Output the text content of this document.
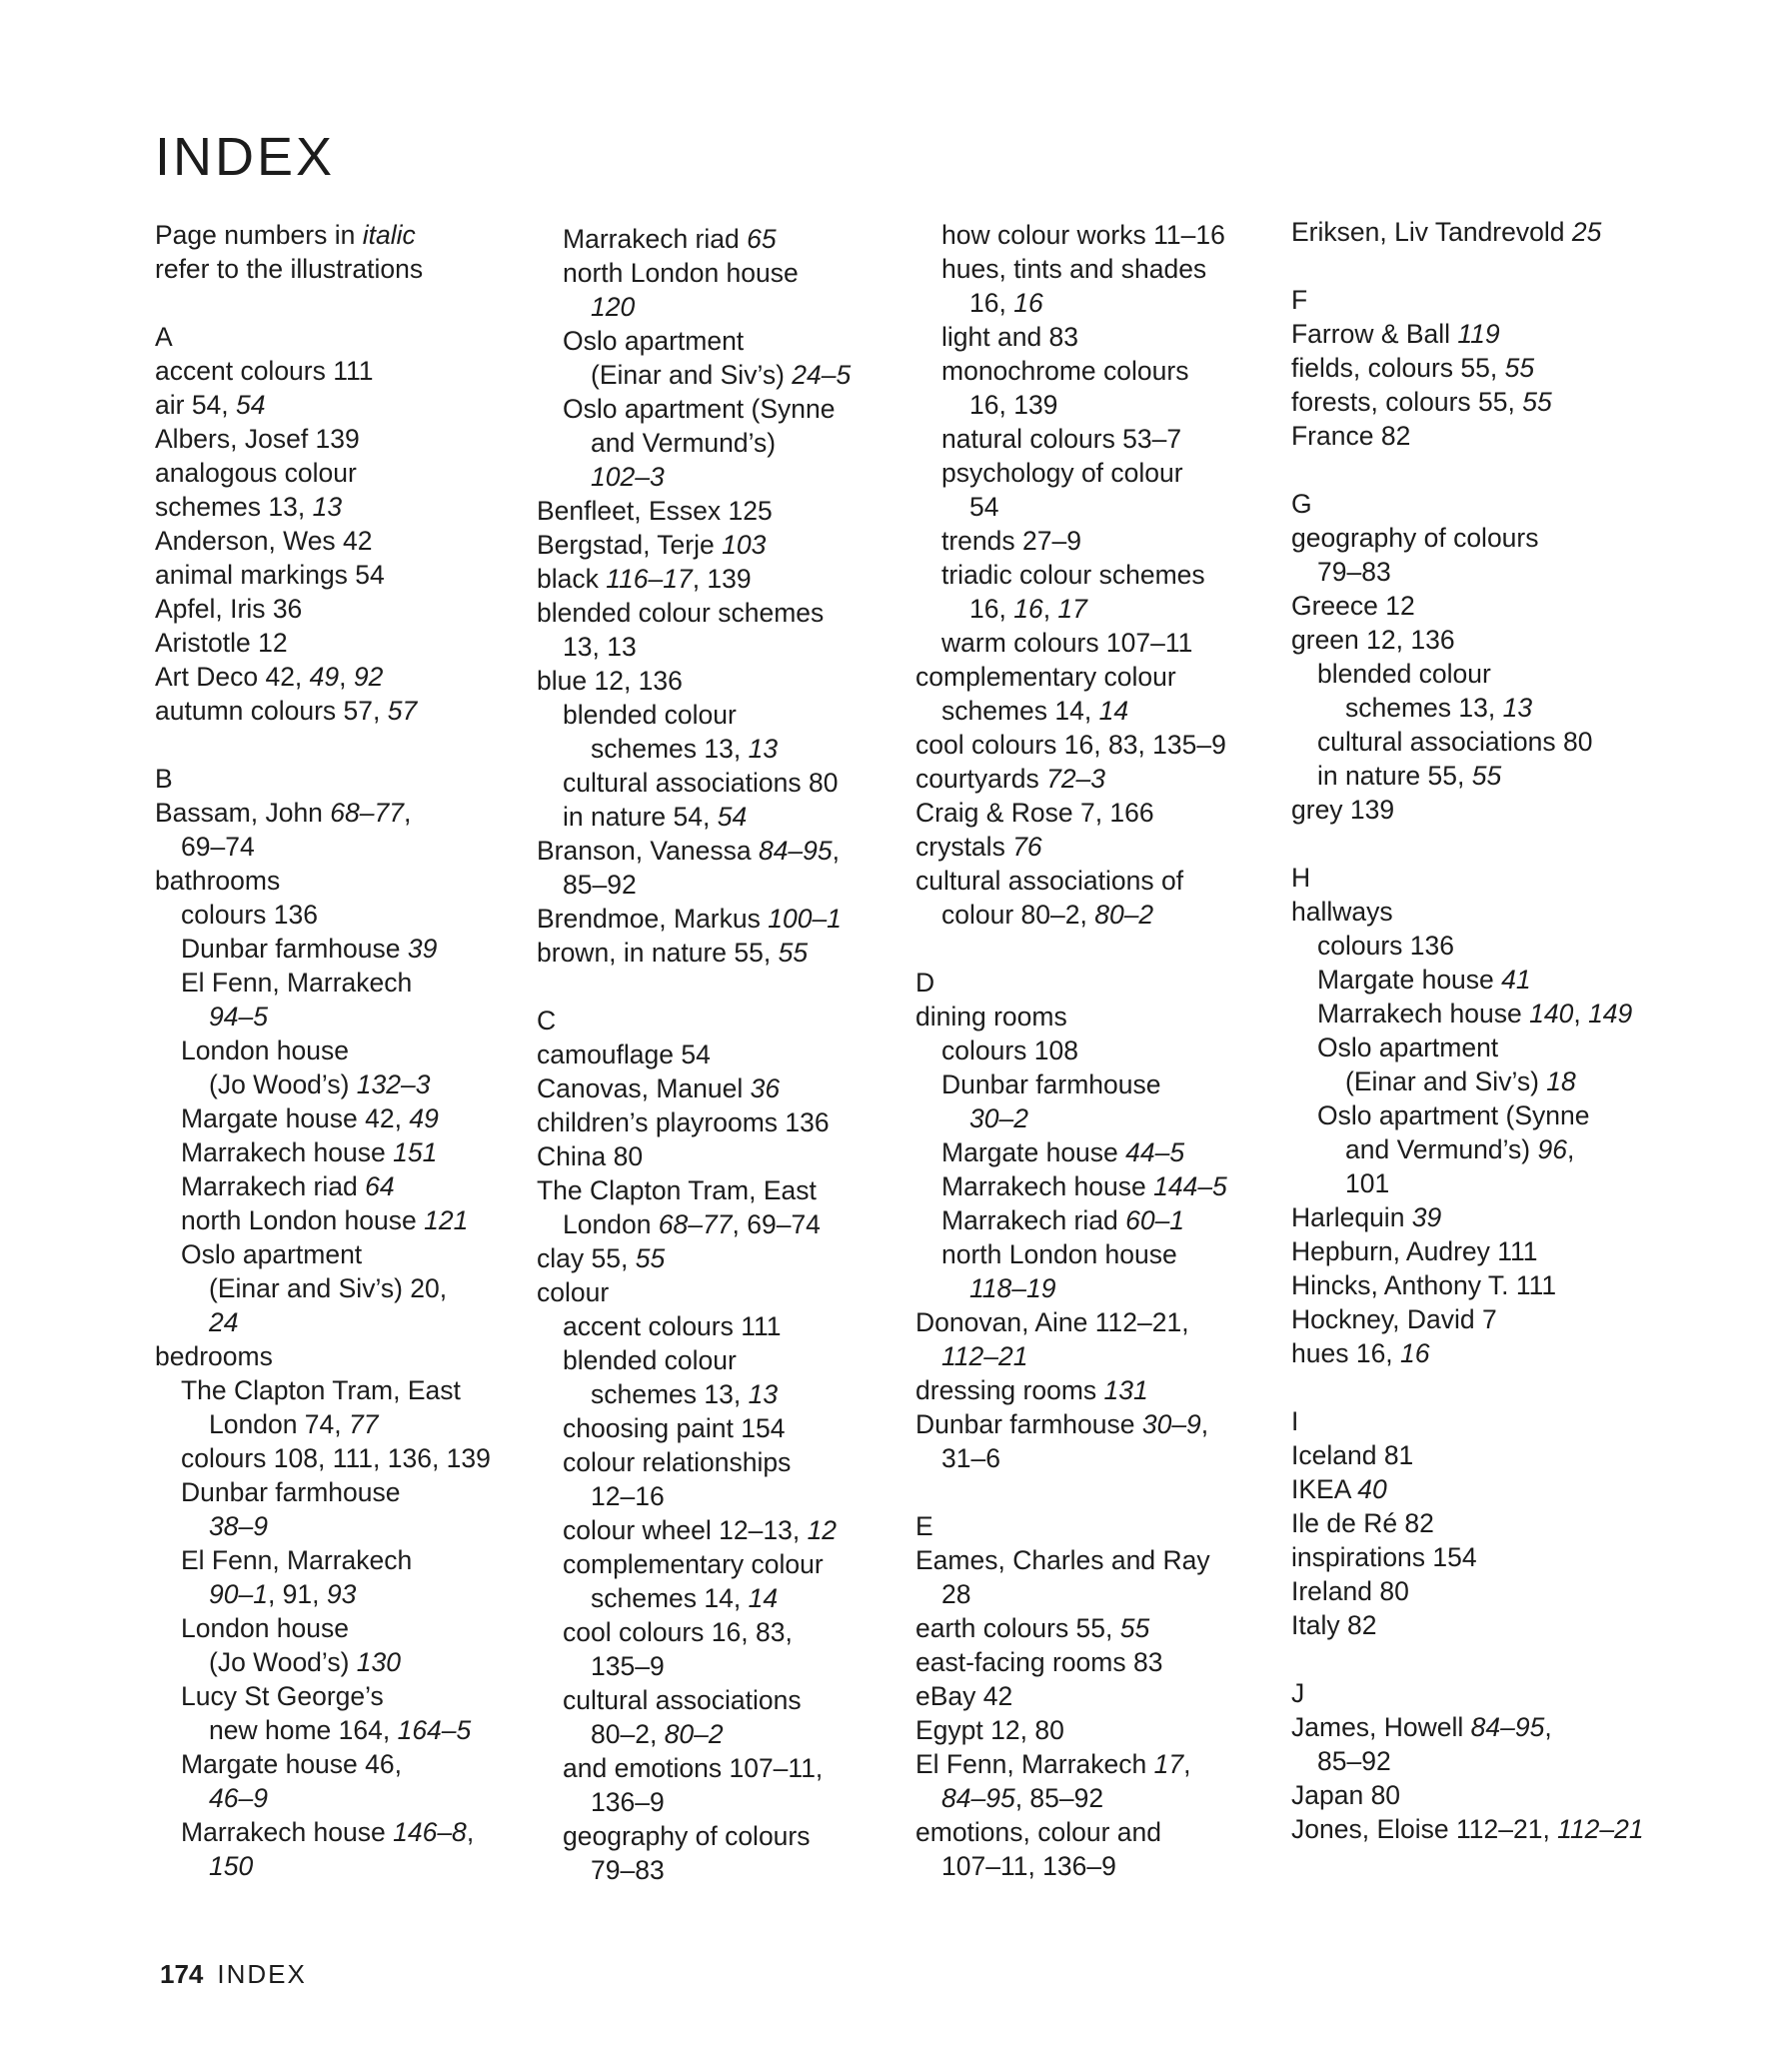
INDEX
Page numbers in italic
refer to the illustrations
A
accent colours 111
air 54, 54
Albers, Josef 139
analogous colour
schemes 13, 13
Anderson, Wes 42
animal markings 54
Apfel, Iris 36
Aristotle 12
Art Deco 42, 49, 92
autumn colours 57, 57
B
Bassam, John 68–77,
69–74
bathrooms
colours 136
Dunbar farmhouse 39
El Fenn, Marrakech
94–5
London house
(Jo Wood’s) 132–3
Margate house 42, 49
Marrakech house 151
Marrakech riad 64
north London house 121
Oslo apartment
(Einar and Siv’s) 20,
24
bedrooms
The Clapton Tram, East
London 74, 77
colours 108, 111, 136, 139
Dunbar farmhouse
38–9
El Fenn, Marrakech
90–1, 91, 93
London house
(Jo Wood’s) 130
Lucy St George’s
new home 164, 164–5
Margate house 46,
46–9
Marrakech house 146–8,
150
Marrakech riad 65
north London house
120
Oslo apartment
(Einar and Siv’s) 24–5
Oslo apartment (Synne
and Vermund’s)
102–3
Benfleet, Essex 125
Bergstad, Terje 103
black 116–17, 139
blended colour schemes
13, 13
blue 12, 136
blended colour
schemes 13, 13
cultural associations 80
in nature 54, 54
Branson, Vanessa 84–95,
85–92
Brendmoe, Markus 100–1
brown, in nature 55, 55
C
camouflage 54
Canovas, Manuel 36
children’s playrooms 136
China 80
The Clapton Tram, East
London 68–77, 69–74
clay 55, 55
colour
accent colours 111
blended colour
schemes 13, 13
choosing paint 154
colour relationships
12–16
colour wheel 12–13, 12
complementary colour
schemes 14, 14
cool colours 16, 83,
135–9
cultural associations
80–2, 80–2
and emotions 107–11,
136–9
geography of colours
79–83
how colour works 11–16
hues, tints and shades
16, 16
light and 83
monochrome colours
16, 139
natural colours 53–7
psychology of colour
54
trends 27–9
triadic colour schemes
16, 16, 17
warm colours 107–11
complementary colour
schemes 14, 14
cool colours 16, 83, 135–9
courtyards 72–3
Craig & Rose 7, 166
crystals 76
cultural associations of
colour 80–2, 80–2
D
dining rooms
colours 108
Dunbar farmhouse
30–2
Margate house 44–5
Marrakech house 144–5
Marrakech riad 60–1
north London house
118–19
Donovan, Aine 112–21,
112–21
dressing rooms 131
Dunbar farmhouse 30–9,
31–6
E
Eames, Charles and Ray
28
earth colours 55, 55
east-facing rooms 83
eBay 42
Egypt 12, 80
El Fenn, Marrakech 17,
84–95, 85–92
emotions, colour and
107–11, 136–9
Eriksen, Liv Tandrevold 25
F
Farrow & Ball 119
fields, colours 55, 55
forests, colours 55, 55
France 82
G
geography of colours
79–83
Greece 12
green 12, 136
blended colour
schemes 13, 13
cultural associations 80
in nature 55, 55
grey 139
H
hallways
colours 136
Margate house 41
Marrakech house 140, 149
Oslo apartment
(Einar and Siv’s) 18
Oslo apartment (Synne
and Vermund’s) 96,
101
Harlequin 39
Hepburn, Audrey 111
Hincks, Anthony T. 111
Hockney, David 7
hues 16, 16
I
Iceland 81
IKEA 40
Ile de Ré 82
inspirations 154
Ireland 80
Italy 82
J
James, Howell 84–95,
85–92
Japan 80
Jones, Eloise 112–21, 112–21
174 INDEX
